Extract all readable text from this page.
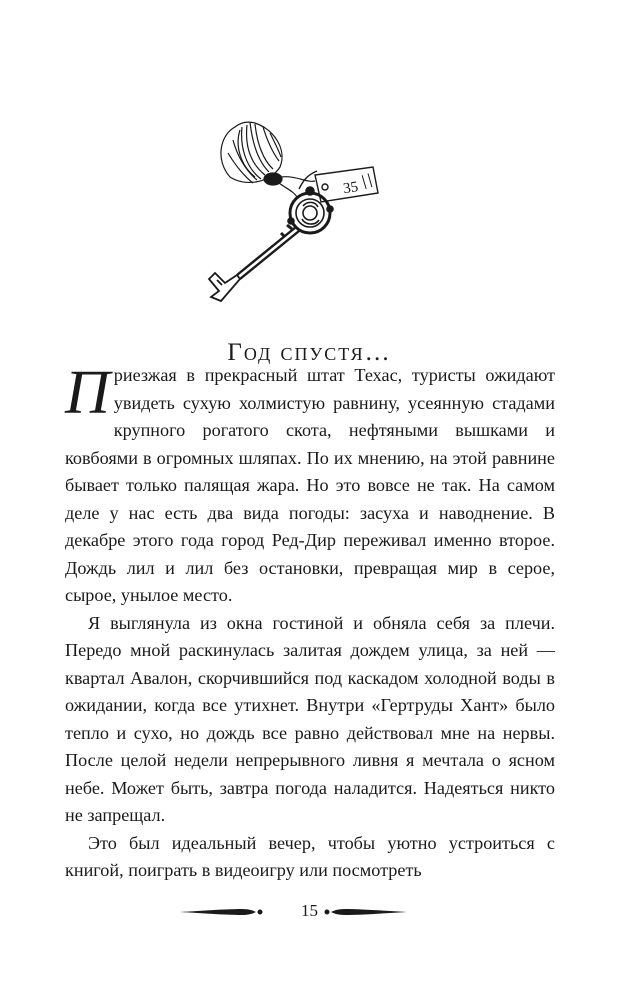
35
Год спустя…

Приезжая в прекрасный штат Техас, туристы ожидают увидеть сухую холмистую равнину, усеянную стадами крупного рогатого скота, нефтяными вышками и ковбоями в огромных шляпах. По их мнению, на этой равнине бывает только палящая жара. Но это вовсе не так. На самом деле у нас есть два вида погоды: засуха и наводнение. В декабре этого года город Ред-Дир переживал именно второе. Дождь лил и лил без остановки, превращая мир в серое, сырое, унылое место.

Я выглянула из окна гостиной и обняла себя за плечи. Передо мной раскинулась залитая дождем улица, за ней — квартал Авалон, скорчившийся под каскадом холодной воды в ожидании, когда все утихнет. Внутри «Гертруды Хант» было тепло и сухо, но дождь все равно действовал мне на нервы. После целой недели непрерывного ливня я мечтала о ясном небе. Может быть, завтра погода наладится. Надеяться никто не запрещал.

Это был идеальный вечер, чтобы уютно устроиться с книгой, поиграть в видеоигру или посмотреть

15
